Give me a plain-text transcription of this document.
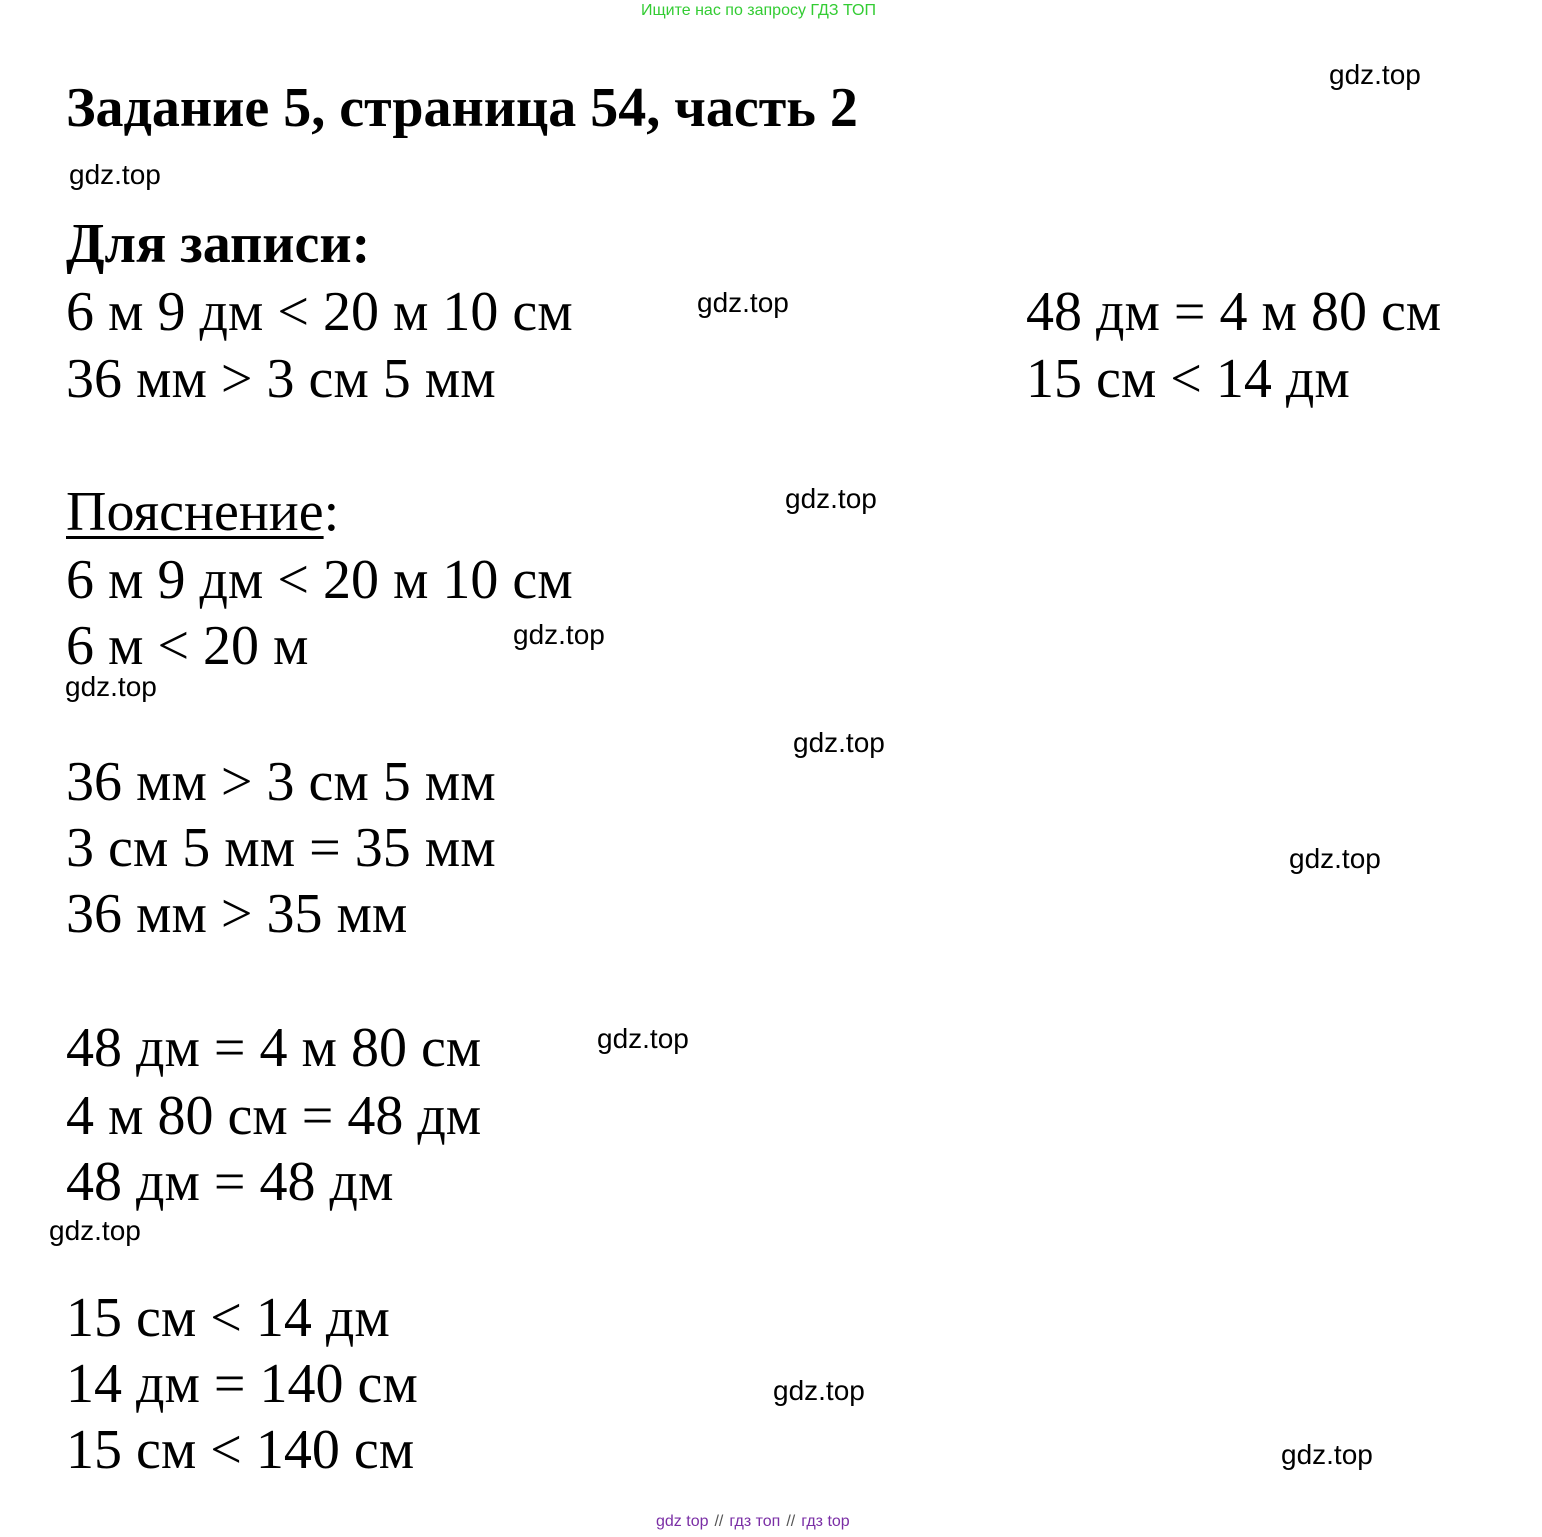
Ищите нас по запросу ГДЗ ТОП
Задание 5, страница 54, часть 2
Для записи:
6 м 9 дм < 20 м 10 см
36 мм > 3 см 5 мм
48 дм = 4 м 80 см
15 см < 14 дм
Пояснение:
6 м 9 дм < 20 м 10 см
6 м < 20 м
36 мм > 3 см 5 мм
3 см 5 мм = 35 мм
36 мм > 35 мм
48 дм = 4 м 80 см
4 м 80 см = 48 дм
48 дм = 48 дм
15 см < 14 дм
14 дм = 140 см
15 см < 140 см
gdz.top
gdz.top
gdz.top
gdz.top
gdz.top
gdz.top
gdz.top
gdz.top
gdz.top
gdz.top
gdz.top
gdz.top
gdz top // гдз топ // гдз top
